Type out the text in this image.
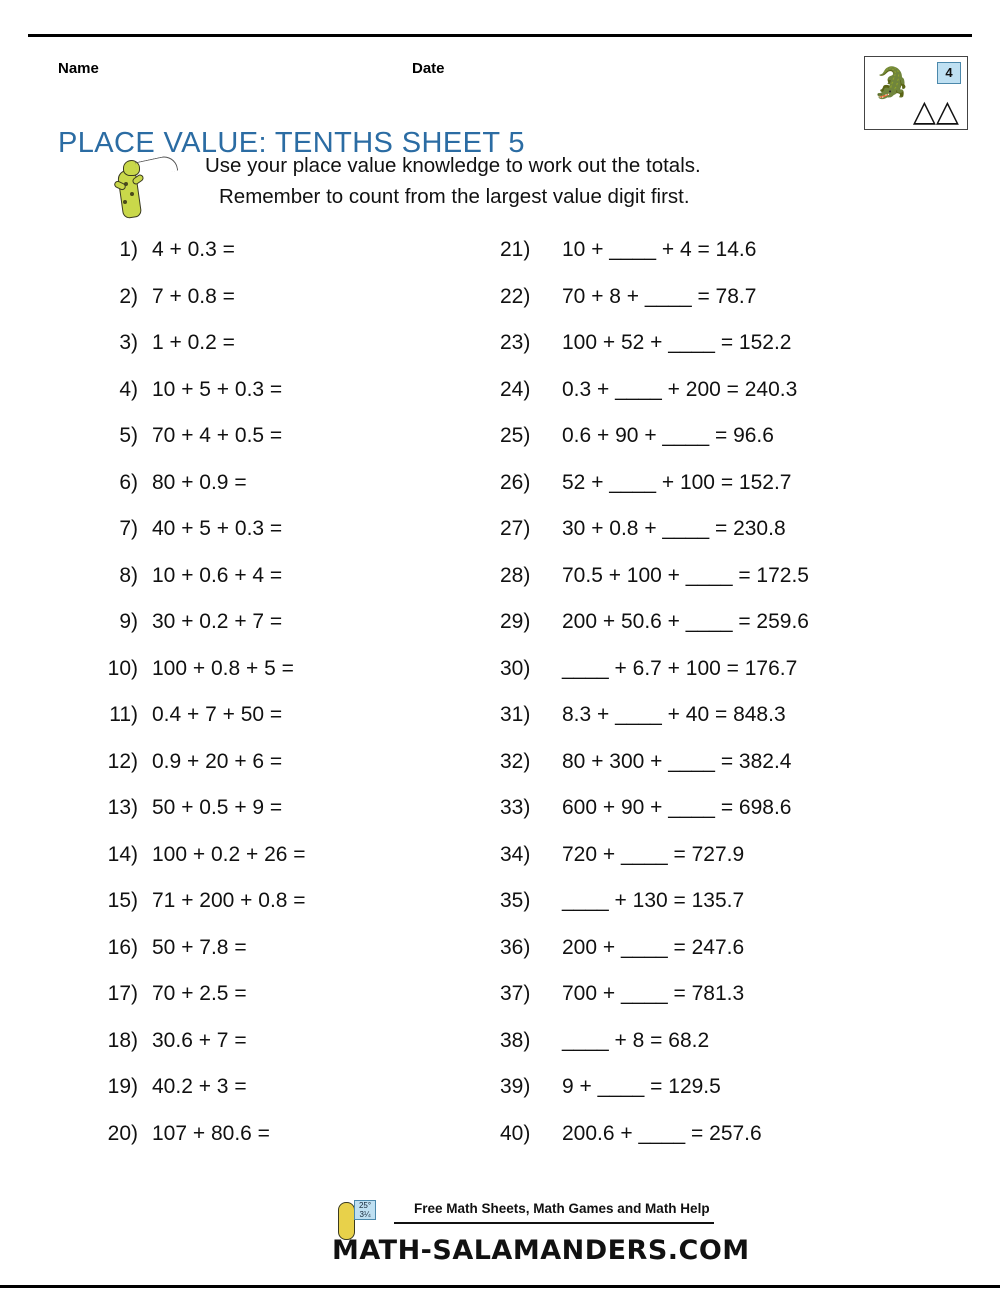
Name	Date
PLACE VALUE: TENTHS SHEET 5
4
🐊
△△
Use your place value knowledge to work out the totals.
Remember to count from the largest value digit first.
1) 4 + 0.3 =
2) 7 + 0.8 =
3) 1 + 0.2 =
4) 10 + 5 + 0.3 =
5) 70 + 4 + 0.5 =
6) 80 + 0.9 =
7) 40 + 5 + 0.3 =
8) 10 + 0.6 + 4 =
9) 30 + 0.2 + 7 =
10) 100 + 0.8 + 5 =
11) 0.4 + 7 + 50 =
12) 0.9 + 20 + 6 =
13) 50 + 0.5 + 9 =
14) 100 + 0.2 + 26 =
15) 71 + 200 + 0.8 =
16) 50 + 7.8 =
17) 70 + 2.5 =
18) 30.6 + 7 =
19) 40.2 + 3 =
20) 107 + 80.6 =
21)	10 + ____ + 4 = 14.6
22)	70 + 8 + ____ = 78.7
23)	100 + 52 + ____ = 152.2
24)	0.3 + ____ + 200 = 240.3
25)	0.6 + 90 + ____ = 96.6
26)	52 + ____ + 100 = 152.7
27)	30 + 0.8 + ____ = 230.8
28)	70.5 + 100 + ____ = 172.5
29)	200 + 50.6 + ____ = 259.6
30)	____ + 6.7 + 100 = 176.7
31)	8.3 + ____ + 40 = 848.3
32)	80 + 300 + ____ = 382.4
33)	600 + 90 + ____ = 698.6
34)	720 + ____ = 727.9
35)	____ + 130 = 135.7
36)	200 + ____ = 247.6
37)	700 + ____ = 781.3
38)	____ + 8 = 68.2
39)	9 + ____ = 129.5
40)	200.6 + ____ = 257.6
25°
3¼	Free Math Sheets, Math Games and Math Help
MATH-SALAMANDERS.COM
